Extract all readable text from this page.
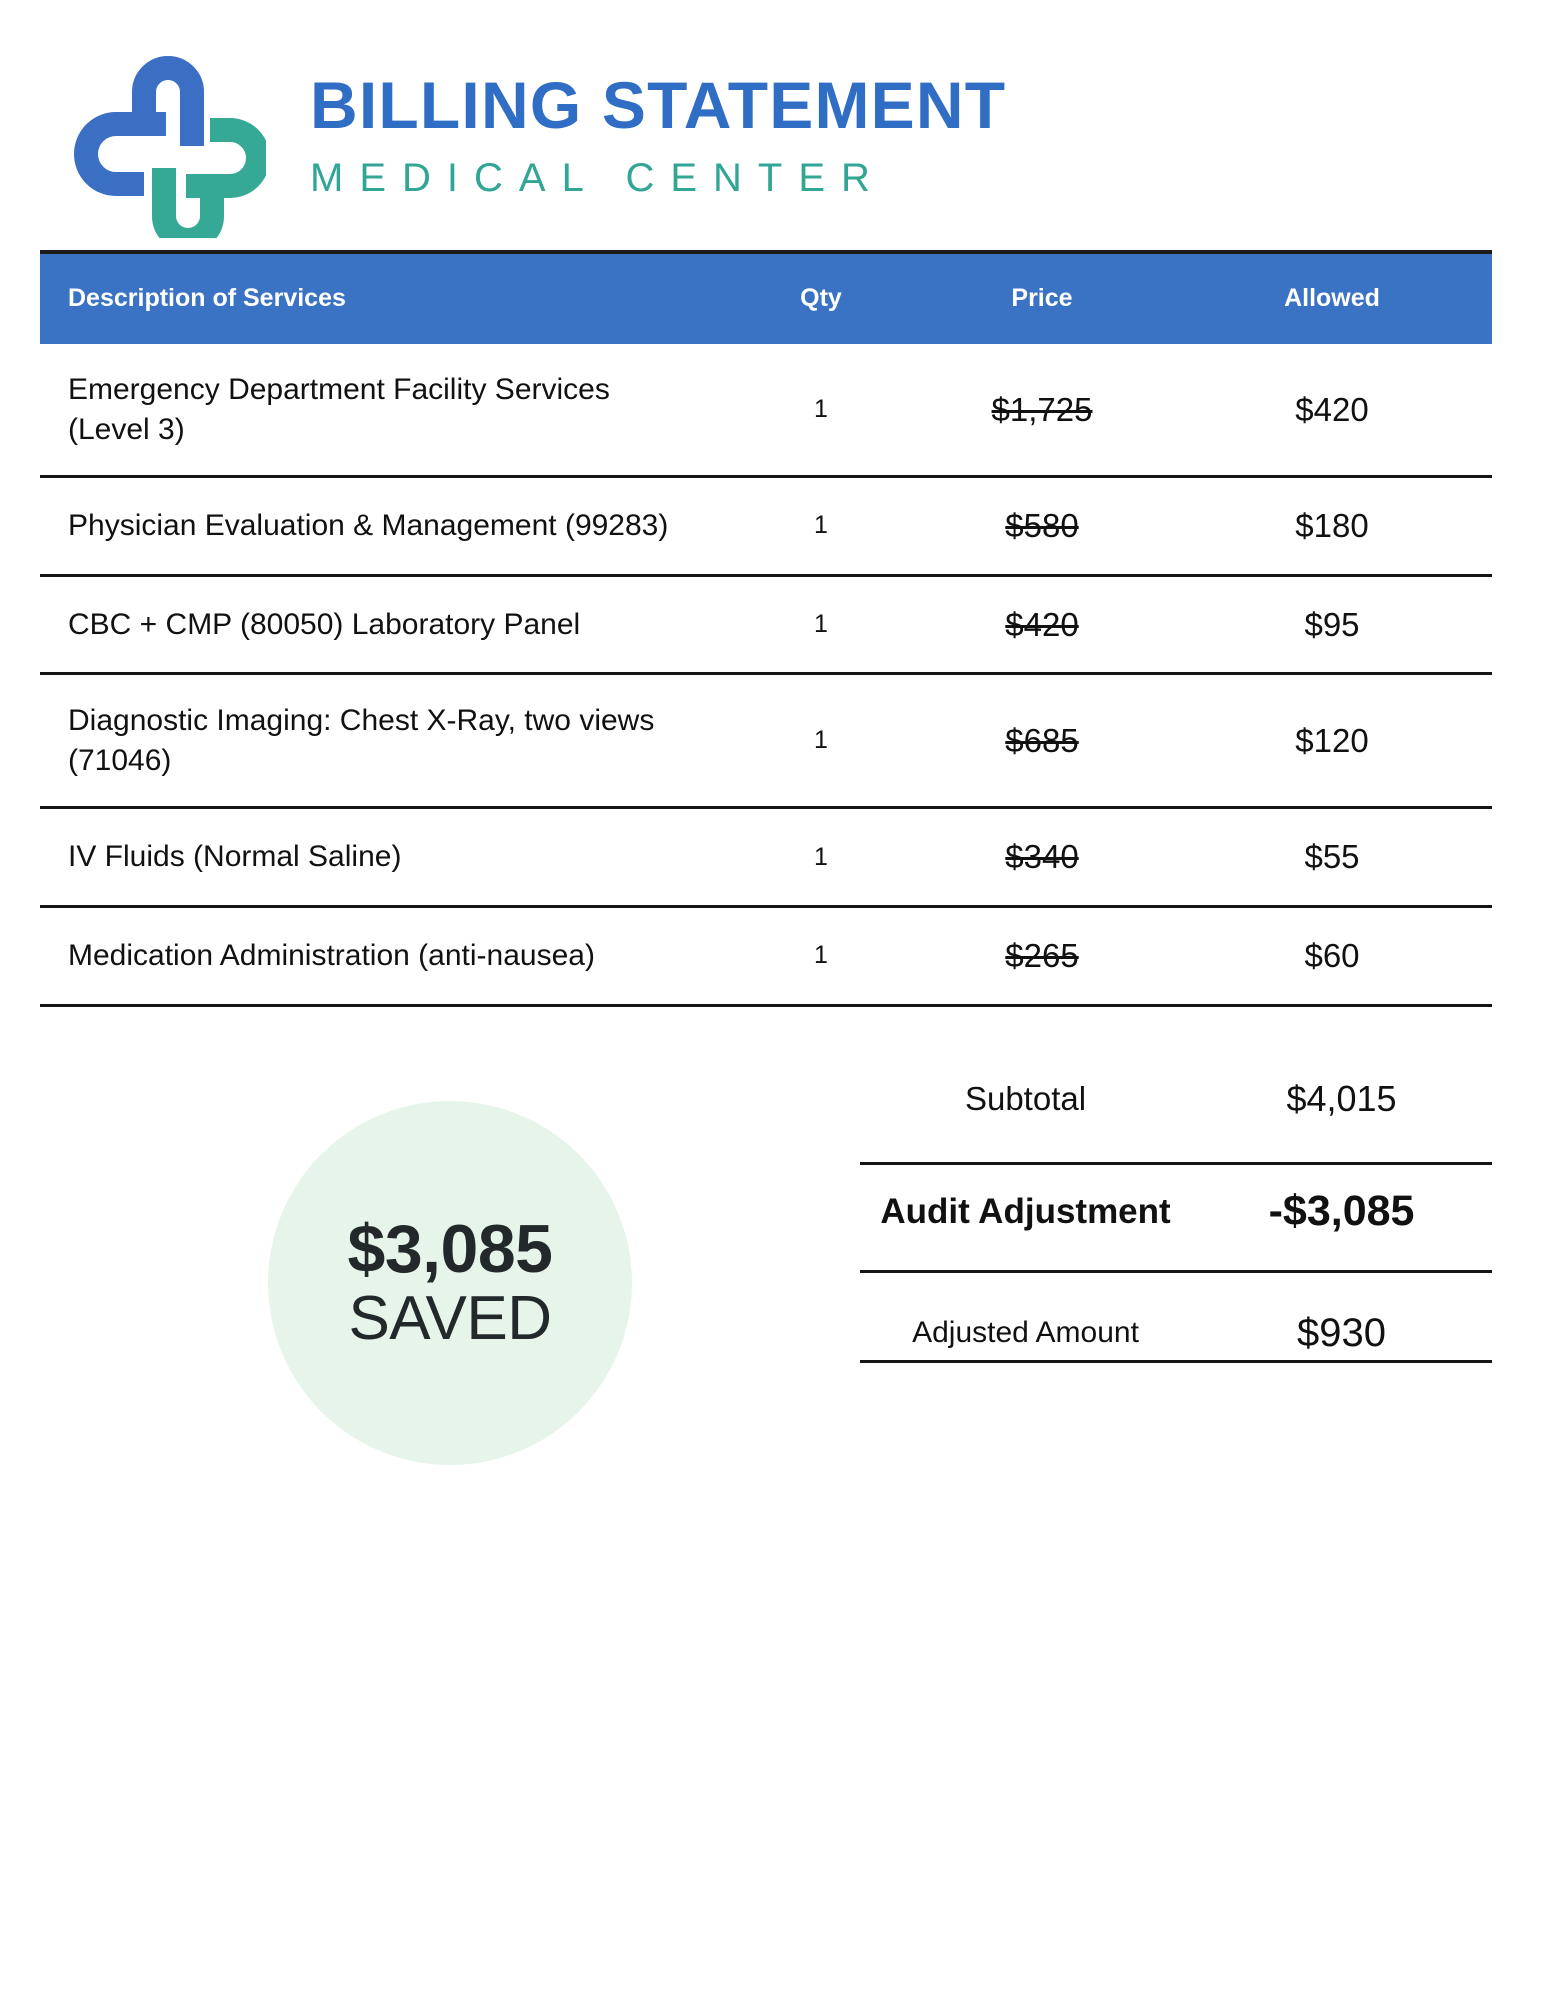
BILLING STATEMENT
MEDICAL CENTER
Description of Services	Qty	Price	Allowed
Emergency Department Facility Services (Level 3)	1	$1,725	$420
Physician Evaluation & Management (99283)	1	$580	$180
CBC + CMP (80050) Laboratory Panel	1	$420	$95
Diagnostic Imaging: Chest X-Ray, two views (71046)	1	$685	$120
IV Fluids (Normal Saline)	1	$340	$55
Medication Administration (anti-nausea)	1	$265	$60
$3,085
SAVED
Subtotal	$4,015
Audit Adjustment	-$3,085
Adjusted Amount	$930
